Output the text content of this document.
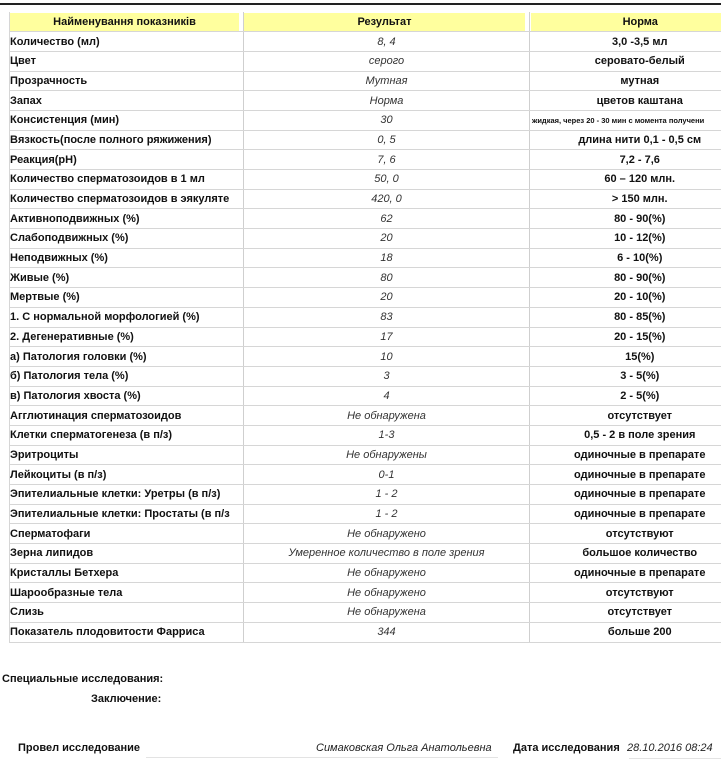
Найменування показників	Результат	Норма

Количество (мл)	8, 4	3,0 -3,5 мл
Цвет	серого	серовато-белый
Прозрачность	Мутная	мутная
Запах	Норма	цветов каштана
Консистенция (мин)	30	жидкая, через 20 - 30 мин с момента получени
Вязкость(после полного ряжижения)	0, 5	длина нити 0,1 - 0,5 см
Реакция(pH)	7, 6	7,2 - 7,6
Количество сперматозоидов в 1 мл	50, 0	60 – 120 млн.
Количество сперматозоидов в эякуляте	420, 0	> 150 млн.
Активноподвижных (%)	62	80 - 90(%)
Слабоподвижных (%)	20	10 - 12(%)
Неподвижных (%)	18	6 - 10(%)
Живые (%)	80	80 - 90(%)
Мертвые (%)	20	20 - 10(%)
1. С нормальной морфологией (%)	83	80 - 85(%)
2. Дегенеративные (%)	17	20 - 15(%)
а) Патология головки (%)	10	15(%)
б) Патология тела (%)	3	3 - 5(%)
в) Патология хвоста (%)	4	2 - 5(%)
Агглютинация сперматозоидов	Не обнаружена	отсутствует
Клетки сперматогенеза (в п/з)	1-3	0,5 - 2 в поле зрения
Эритроциты	Не обнаружены	одиночные в препарате
Лейкоциты (в п/з)	0-1	одиночные в препарате
Эпителиальные клетки: Уретры (в п/з)	1 - 2	одиночные в препарате
Эпителиальные клетки: Простаты (в п/з	1 - 2	одиночные в препарате
Сперматофаги	Не обнаружено	отсутствуют
Зерна липидов	Умеренное количество в поле зрения	большое количество
Кристаллы Бетхера	Не обнаружено	одиночные в препарате
Шарообразные тела	Не обнаружено	отсутствуют
Слизь	Не обнаружена	отсутствует
Показатель плодовитости Фарриса	344	больше 200
Специальные исследования:
Заключение:
Провел исследование	Симаковская Ольга Анатольевна Дата исследования 28.10.2016 08:24
